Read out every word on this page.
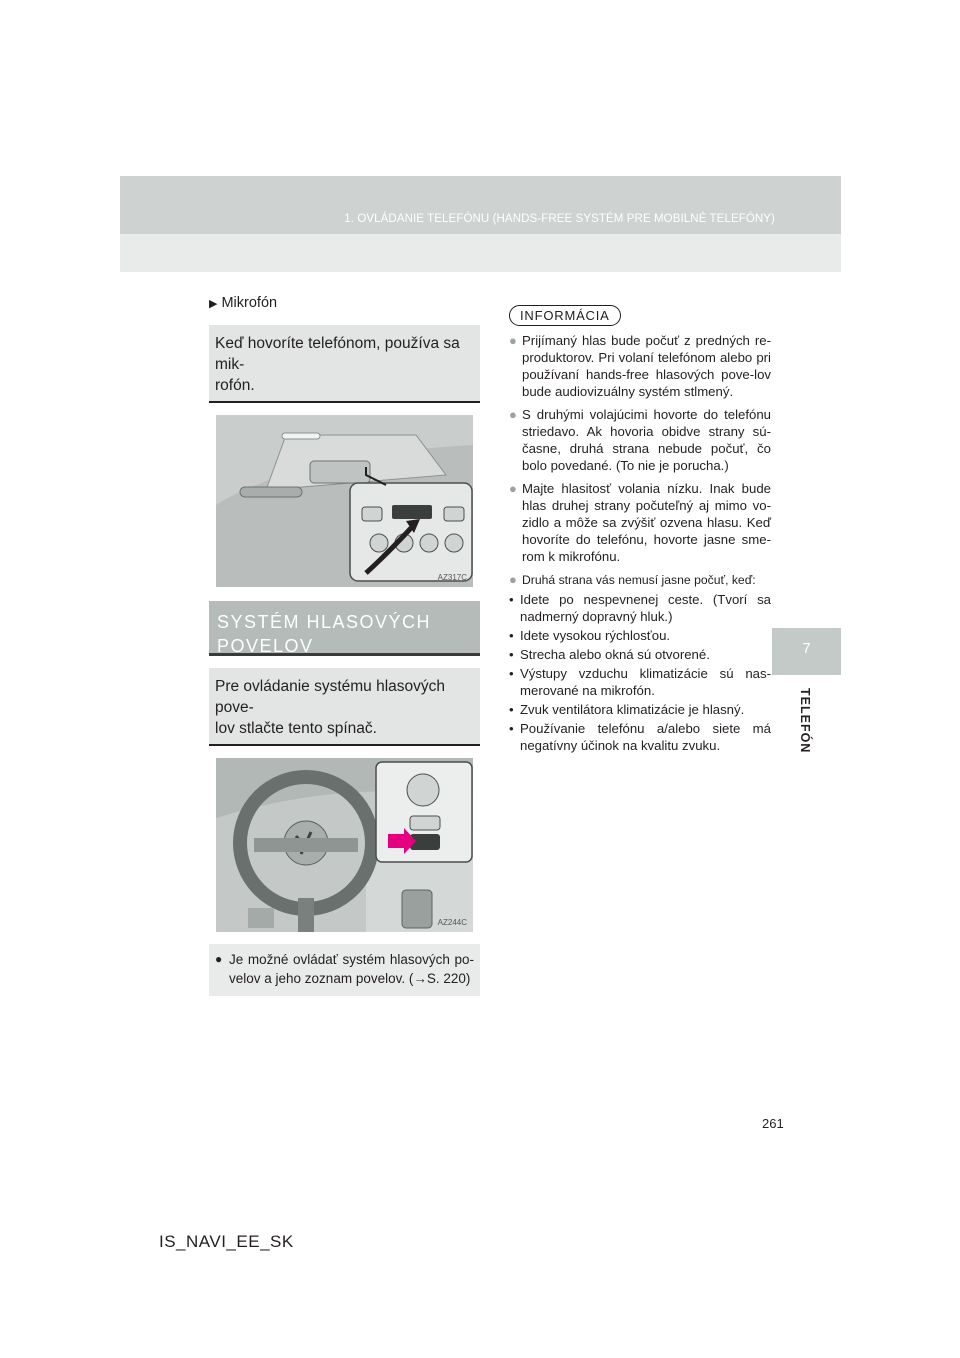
1. OVLÁDANIE TELEFÓNU (HANDS-FREE SYSTÉM PRE MOBILNÉ TELEFÓNY)
7
TELEFÓN
▶ Mikrofón
Keď hovoríte telefónom, používa sa mik-
rofón.
AZ317C
SYSTÉM HLASOVÝCH
POVELOV
Pre ovládanie systému hlasových pove-
lov stlačte tento spínač.
AZ244C
● Je možné ovládať systém hlasových po-velov a jeho zoznam povelov. (→S. 220)
INFORMÁCIA
● Prijímaný hlas bude počuť z predných re-produktorov. Pri volaní telefónom alebo pri používaní hands-free hlasových pove-lov bude audiovizuálny systém stlmený.
● S druhými volajúcimi hovorte do telefónu striedavo. Ak hovoria obidve strany sú-časne, druhá strana nebude počuť, čo bolo povedané. (To nie je porucha.)
● Majte hlasitosť volania nízku. Inak bude hlas druhej strany počuteľný aj mimo vo-zidlo a môže sa zvýšiť ozvena hlasu. Keď hovoríte do telefónu, hovorte jasne sme-rom k mikrofónu.
● Druhá strana vás nemusí jasne počuť, keď:
• Idete po nespevnenej ceste. (Tvorí sa nadmerný dopravný hluk.)
• Idete vysokou rýchlosťou.
• Strecha alebo okná sú otvorené.
• Výstupy vzduchu klimatizácie sú nas-merované na mikrofón.
• Zvuk ventilátora klimatizácie je hlasný.
• Používanie telefónu a/alebo siete má negatívny účinok na kvalitu zvuku.
261
IS_NAVI_EE_SK
